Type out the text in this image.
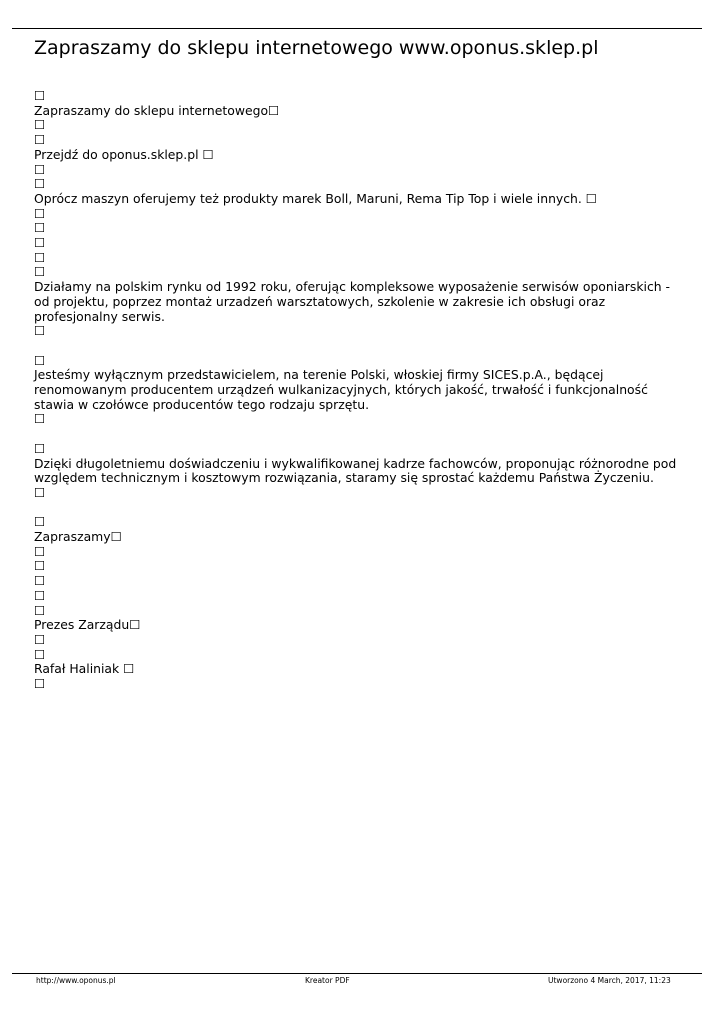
Zapraszamy do sklepu internetowego www.oponus.sklep.pl
☐
Zapraszamy do sklepu internetowego☐
☐
☐
Przejdź do oponus.sklep.pl ☐
☐
☐
Oprócz maszyn oferujemy też produkty marek Boll, Maruni, Rema Tip Top i wiele innych. ☐
☐
☐
☐
☐
☐
Działamy na polskim rynku od 1992 roku, oferując kompleksowe wyposażenie serwisów oponiarskich - od projektu, poprzez montaż urzadzeń warsztatowych, szkolenie w zakresie ich obsługi oraz profesjonalny serwis.
☐
☐
Jesteśmy wyłącznym przedstawicielem, na terenie Polski, włoskiej firmy SICES.p.A., będącej renomowanym producentem urządzeń wulkanizacyjnych, których jakość, trwałość i funkcjonalność stawia w czołówce producentów tego rodzaju sprzętu.
☐
☐
Dzięki długoletniemu doświadczeniu i wykwalifikowanej kadrze fachowców, proponując różnorodne pod względem technicznym i kosztowym rozwiązania, staramy się sprostać każdemu Państwa Życzeniu.
☐
☐
Zapraszamy☐
☐
☐
☐
☐
☐
Prezes Zarządu☐
☐
☐
Rafał Haliniak ☐
☐
http://www.oponus.pl	Kreator PDF	Utworzono 4 March, 2017, 11:23
